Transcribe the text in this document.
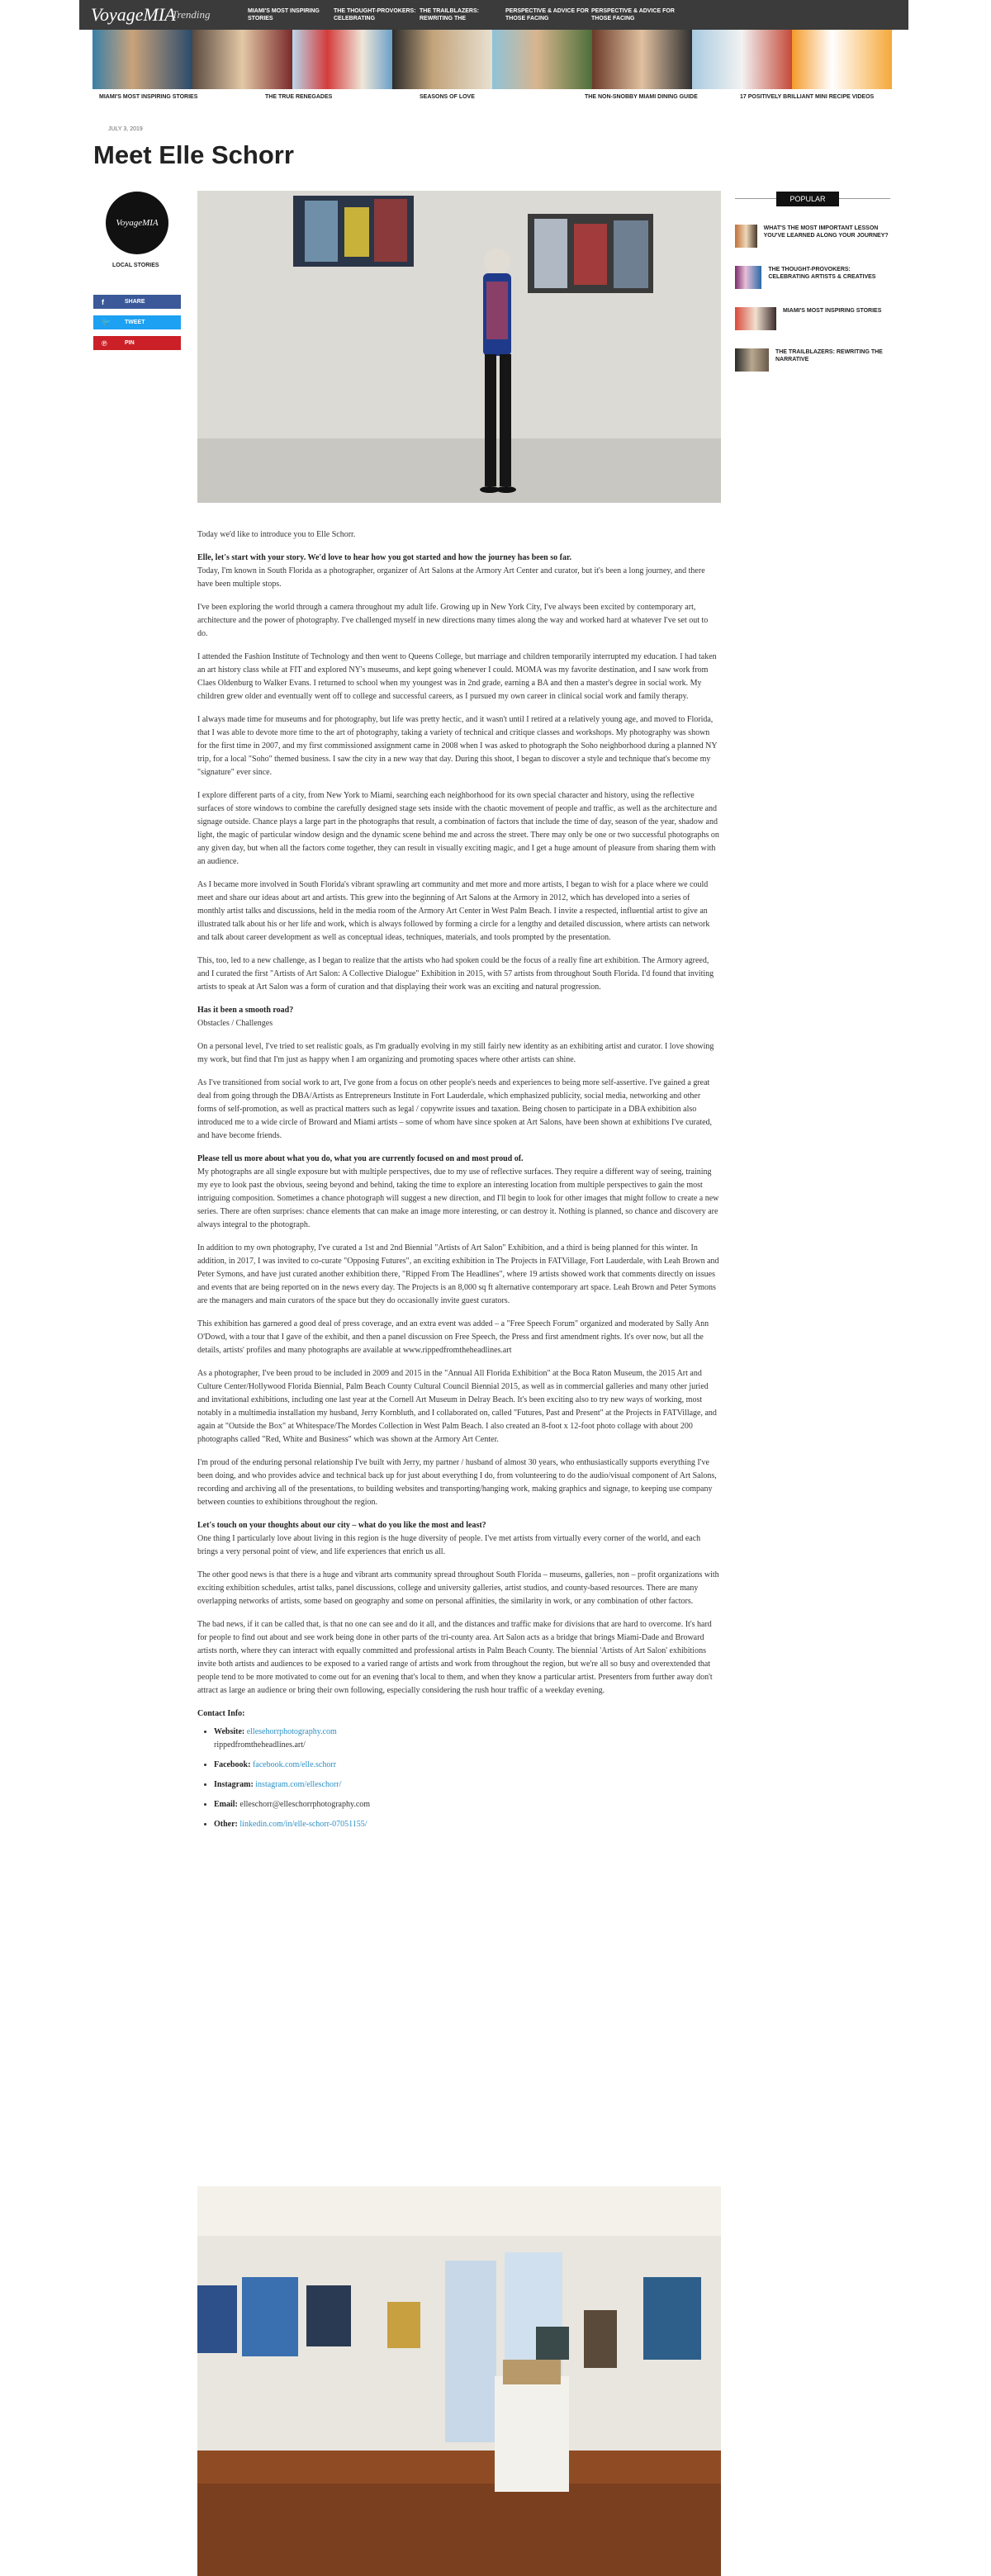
VoyageMIA
Trending	MIAMI'S MOST INSPIRING STORIES
THE THOUGHT-PROVOKERS: CELEBRATING
THE TRAILBLAZERS: REWRITING THE
PERSPECTIVE & ADVICE FOR THOSE FACING
PERSPECTIVE & ADVICE FOR THOSE FACING
MIAMI'S MOST INSPIRING STORIES	THE TRUE RENEGADES	SEASONS OF LOVE	THE NON-SNOBBY MIAMI DINING GUIDE	17 POSITIVELY BRILLIANT MINI RECIPE VIDEOS
JULY 3, 2019
Meet Elle Schorr
VoyageMIA
LOCAL STORIES
f	SHARE
🐦	TWEET
℗	PIN

Today we'd like to introduce you to Elle Schorr.

Elle, let's start with your story. We'd love to hear how you got started and how the journey has been so far.

Today, I'm known in South Florida as a photographer, organizer of Art Salons at the Armory Art Center and curator, but it's been a long journey, and there have been multiple stops.

I've been exploring the world through a camera throughout my adult life. Growing up in New York City, I've always been excited by contemporary art, architecture and the power of photography. I've challenged myself in new directions many times along the way and worked hard at whatever I've set out to do.

I attended the Fashion Institute of Technology and then went to Queens College, but marriage and children temporarily interrupted my education. I had taken an art history class while at FIT and explored NY's museums, and kept going whenever I could. MOMA was my favorite destination, and I saw work from Claes Oldenburg to Walker Evans. I returned to school when my youngest was in 2nd grade, earning a BA and then a master's degree in social work. My children grew older and eventually went off to college and successful careers, as I pursued my own career in clinical social work and family therapy.

I always made time for museums and for photography, but life was pretty hectic, and it wasn't until I retired at a relatively young age, and moved to Florida, that I was able to devote more time to the art of photography, taking a variety of technical and critique classes and workshops. My photography was shown for the first time in 2007, and my first commissioned assignment came in 2008 when I was asked to photograph the Soho neighborhood during a planned NY trip, for a local "Soho" themed business. I saw the city in a new way that day. During this shoot, I began to discover a style and technique that's become my "signature" ever since.

I explore different parts of a city, from New York to Miami, searching each neighborhood for its own special character and history, using the reflective surfaces of store windows to combine the carefully designed stage sets inside with the chaotic movement of people and traffic, as well as the architecture and signage outside. Chance plays a large part in the photographs that result, a combination of factors that include the time of day, season of the year, shadow and light, the magic of particular window design and the dynamic scene behind me and across the street. There may only be one or two successful photographs on any given day, but when all the factors come together, they can result in visually exciting magic, and I get a huge amount of pleasure from sharing them with an audience.

As I became more involved in South Florida's vibrant sprawling art community and met more and more artists, I began to wish for a place where we could meet and share our ideas about art and artists. This grew into the beginning of Art Salons at the Armory in 2012, which has developed into a series of monthly artist talks and discussions, held in the media room of the Armory Art Center in West Palm Beach. I invite a respected, influential artist to give an illustrated talk about his or her life and work, which is always followed by forming a circle for a lengthy and detailed discussion, where artists can network and talk about career development as well as conceptual ideas, techniques, materials, and tools prompted by the presentation.

This, too, led to a new challenge, as I began to realize that the artists who had spoken could be the focus of a really fine art exhibition. The Armory agreed, and I curated the first "Artists of Art Salon: A Collective Dialogue" Exhibition in 2015, with 57 artists from throughout South Florida. I'd found that inviting artists to speak at Art Salon was a form of curation and that displaying their work was an exciting and natural progression.

Has it been a smooth road?

Obstacles / Challenges

On a personal level, I've tried to set realistic goals, as I'm gradually evolving in my still fairly new identity as an exhibiting artist and curator. I love showing my work, but find that I'm just as happy when I am organizing and promoting spaces where other artists can shine.

As I've transitioned from social work to art, I've gone from a focus on other people's needs and experiences to being more self-assertive. I've gained a great deal from going through the DBA/Artists as Entrepreneurs Institute in Fort Lauderdale, which emphasized publicity, social media, networking and other forms of self-promotion, as well as practical matters such as legal / copywrite issues and taxation. Being chosen to participate in a DBA exhibition also introduced me to a wide circle of Broward and Miami artists – some of whom have since spoken at Art Salons, have been shown at exhibitions I've curated, and have become friends.

Please tell us more about what you do, what you are currently focused on and most proud of.

My photographs are all single exposure but with multiple perspectives, due to my use of reflective surfaces. They require a different way of seeing, training my eye to look past the obvious, seeing beyond and behind, taking the time to explore an interesting location from multiple perspectives to gain the most intriguing composition. Sometimes a chance photograph will suggest a new direction, and I'll begin to look for other images that might follow to create a new series. There are often surprises: chance elements that can make an image more interesting, or can destroy it. Nothing is planned, so chance and discovery are always integral to the photograph.

In addition to my own photography, I've curated a 1st and 2nd Biennial "Artists of Art Salon" Exhibition, and a third is being planned for this winter. In addition, in 2017, I was invited to co-curate "Opposing Futures", an exciting exhibition in The Projects in FATVillage, Fort Lauderdale, with Leah Brown and Peter Symons, and have just curated another exhibition there, "Ripped From The Headlines", where 19 artists showed work that comments directly on issues and events that are being reported on in the news every day. The Projects is an 8,000 sq ft alternative contemporary art space. Leah Brown and Peter Symons are the managers and main curators of the space but they do occasionally invite guest curators.

This exhibition has garnered a good deal of press coverage, and an extra event was added – a "Free Speech Forum" organized and moderated by Sally Ann O'Dowd, with a tour that I gave of the exhibit, and then a panel discussion on Free Speech, the Press and first amendment rights. It's over now, but all the details, artists' profiles and many photographs are available at www.rippedfromtheheadlines.art

As a photographer, I've been proud to be included in 2009 and 2015 in the "Annual All Florida Exhibition" at the Boca Raton Museum, the 2015 Art and Culture Center/Hollywood Florida Biennial, Palm Beach County Cultural Council Biennial 2015, as well as in commercial galleries and many other juried and invitational exhibitions, including one last year at the Cornell Art Museum in Delray Beach. It's been exciting also to try new ways of working, most notably in a multimedia installation my husband, Jerry Kornbluth, and I collaborated on, called "Futures, Past and Present" at the Projects in FATVillage, and again at "Outside the Box" at Whitespace/The Mordes Collection in West Palm Beach. I also created an 8-foot x 12-foot photo collage with about 200 photographs called "Red, White and Business" which was shown at the Armory Art Center.

I'm proud of the enduring personal relationship I've built with Jerry, my partner / husband of almost 30 years, who enthusiastically supports everything I've been doing, and who provides advice and technical back up for just about everything I do, from volunteering to do the audio/visual component of Art Salons, recording and archiving all of the presentations, to building websites and transporting/hanging work, making graphics and signage, to keeping use company between counties to exhibitions throughout the region.

Let's touch on your thoughts about our city – what do you like the most and least?

One thing I particularly love about living in this region is the huge diversity of people. I've met artists from virtually every corner of the world, and each brings a very personal point of view, and life experiences that enrich us all.

The other good news is that there is a huge and vibrant arts community spread throughout South Florida – museums, galleries, non – profit organizations with exciting exhibition schedules, artist talks, panel discussions, college and university galleries, artist studios, and county-based resources. There are many overlapping networks of artists, some based on geography and some on personal affinities, the similarity in work, or any combination of other factors.

The bad news, if it can be called that, is that no one can see and do it all, and the distances and traffic make for divisions that are hard to overcome. It's hard for people to find out about and see work being done in other parts of the tri-county area. Art Salon acts as a bridge that brings Miami-Dade and Broward artists north, where they can interact with equally committed and professional artists in Palm Beach County. The biennial 'Artists of Art Salon' exhibitions invite both artists and audiences to be exposed to a varied range of artists and work from throughout the region, but we're all so busy and overextended that people tend to be more motivated to come out for an evening that's local to them, and when they know a particular artist. Presenters from further away don't attract as large an audience or bring their own following, especially considering the rush hour traffic of a weekday evening.

Contact Info:

• Website: ellesehorrphotography.com
rippedfromtheheadlines.art/
• Facebook: facebook.com/elle.schorr
• Instagram: instagram.com/elleschorr/
• Email: elleschorr@elleschorrphotography.com
• Other: linkedin.com/in/elle-schorr-07051155/
POPULAR
WHAT'S THE MOST IMPORTANT LESSON YOU'VE LEARNED ALONG YOUR JOURNEY?
THE THOUGHT-PROVOKERS: CELEBRATING ARTISTS & CREATIVES
MIAMI'S MOST INSPIRING STORIES
THE TRAILBLAZERS: REWRITING THE NARRATIVE
